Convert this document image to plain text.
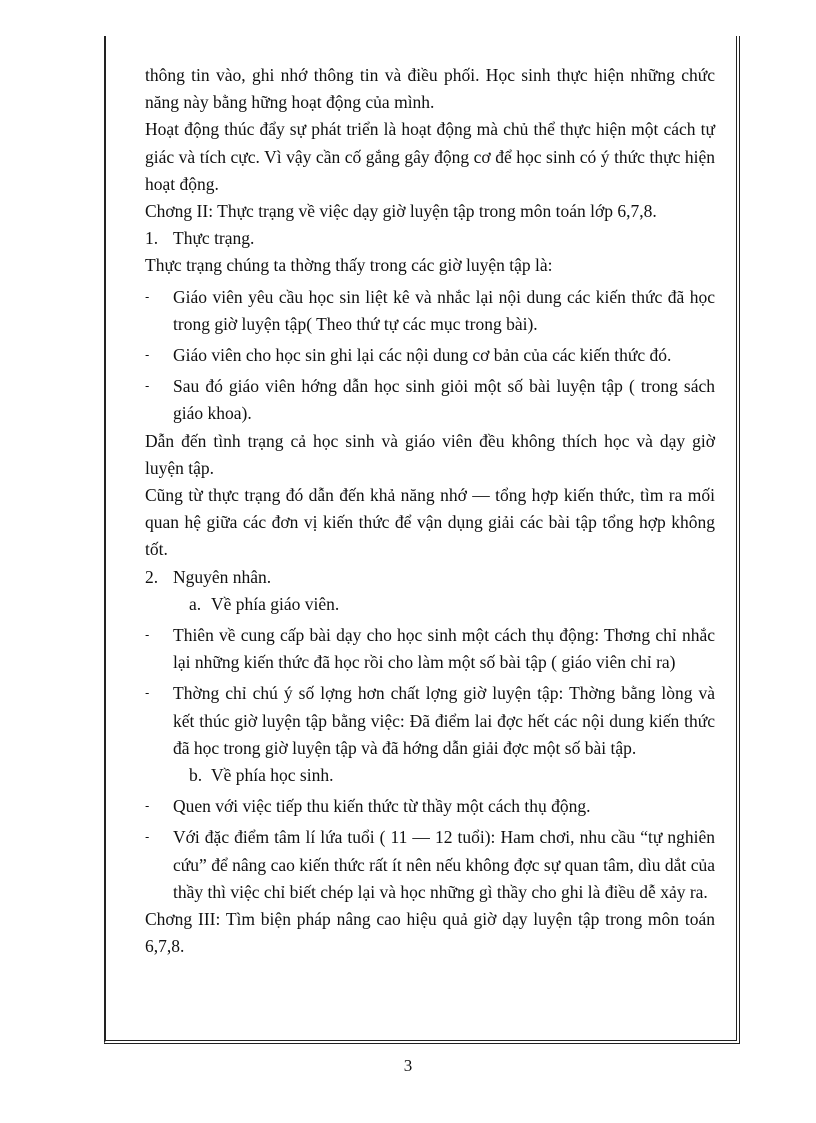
thông tin vào, ghi nhớ thông tin và điều phối. Học sinh thực hiện những chức năng này bằng hững hoạt động của mình.

Hoạt động thúc đẩy sự phát triển là hoạt động mà chủ thể thực hiện một cách tự giác và tích cực. Vì vậy cần cố gắng gây động cơ để học sinh có ý thức thực hiện hoạt động.

Chơng II: Thực trạng về việc dạy giờ luyện tập trong môn toán lớp 6,7,8.

1. Thực trạng.

Thực trạng chúng ta thờng thấy trong các giờ luyện tập là:

- Giáo viên yêu cầu học sin liệt kê và nhắc lại nội dung các kiến thức đã học trong giờ luyện tập( Theo thứ tự các mục trong bài).

- Giáo viên cho học sin ghi lại các nội dung cơ bản của các kiến thức đó.

- Sau đó giáo viên hớng dẫn học sinh giỏi một số bài luyện tập ( trong sách giáo khoa).

Dẫn đến tình trạng cả học sinh và giáo viên đều không thích học và dạy giờ luyện tập.

Cũng từ thực trạng đó dẫn đến khả năng nhớ — tổng hợp kiến thức, tìm ra mối quan hệ giữa các đơn vị kiến thức để vận dụng giải các bài tập tổng hợp không tốt.

2. Nguyên nhân.

a. Về phía giáo viên.

- Thiên về cung cấp bài dạy cho học sinh một cách thụ động: Thơng chỉ nhắc lại những kiến thức đã học rồi cho làm một số bài tập ( giáo viên chỉ ra)

- Thờng chỉ chú ý số lợng hơn chất lợng giờ luyện tập: Thờng bằng lòng và kết thúc giờ luyện tập bằng việc: Đã điểm lai đợc hết các nội dung kiến thức đã học trong giờ luyện tập và đã hớng dẫn giải đợc một số bài tập.

b. Về phía học sinh.

- Quen với việc tiếp thu kiến thức từ thầy một cách thụ động.

- Với đặc điểm tâm lí lứa tuổi ( 11 — 12 tuổi): Ham chơi, nhu cầu “tự nghiên cứu” để nâng cao kiến thức rất ít nên nếu không đợc sự quan tâm, dìu dắt của thầy thì việc chỉ biết chép lại và học những gì thầy cho ghi là điều dễ xảy ra.

Chơng III: Tìm biện pháp nâng cao hiệu quả giờ dạy luyện tập trong môn toán 6,7,8.

3
